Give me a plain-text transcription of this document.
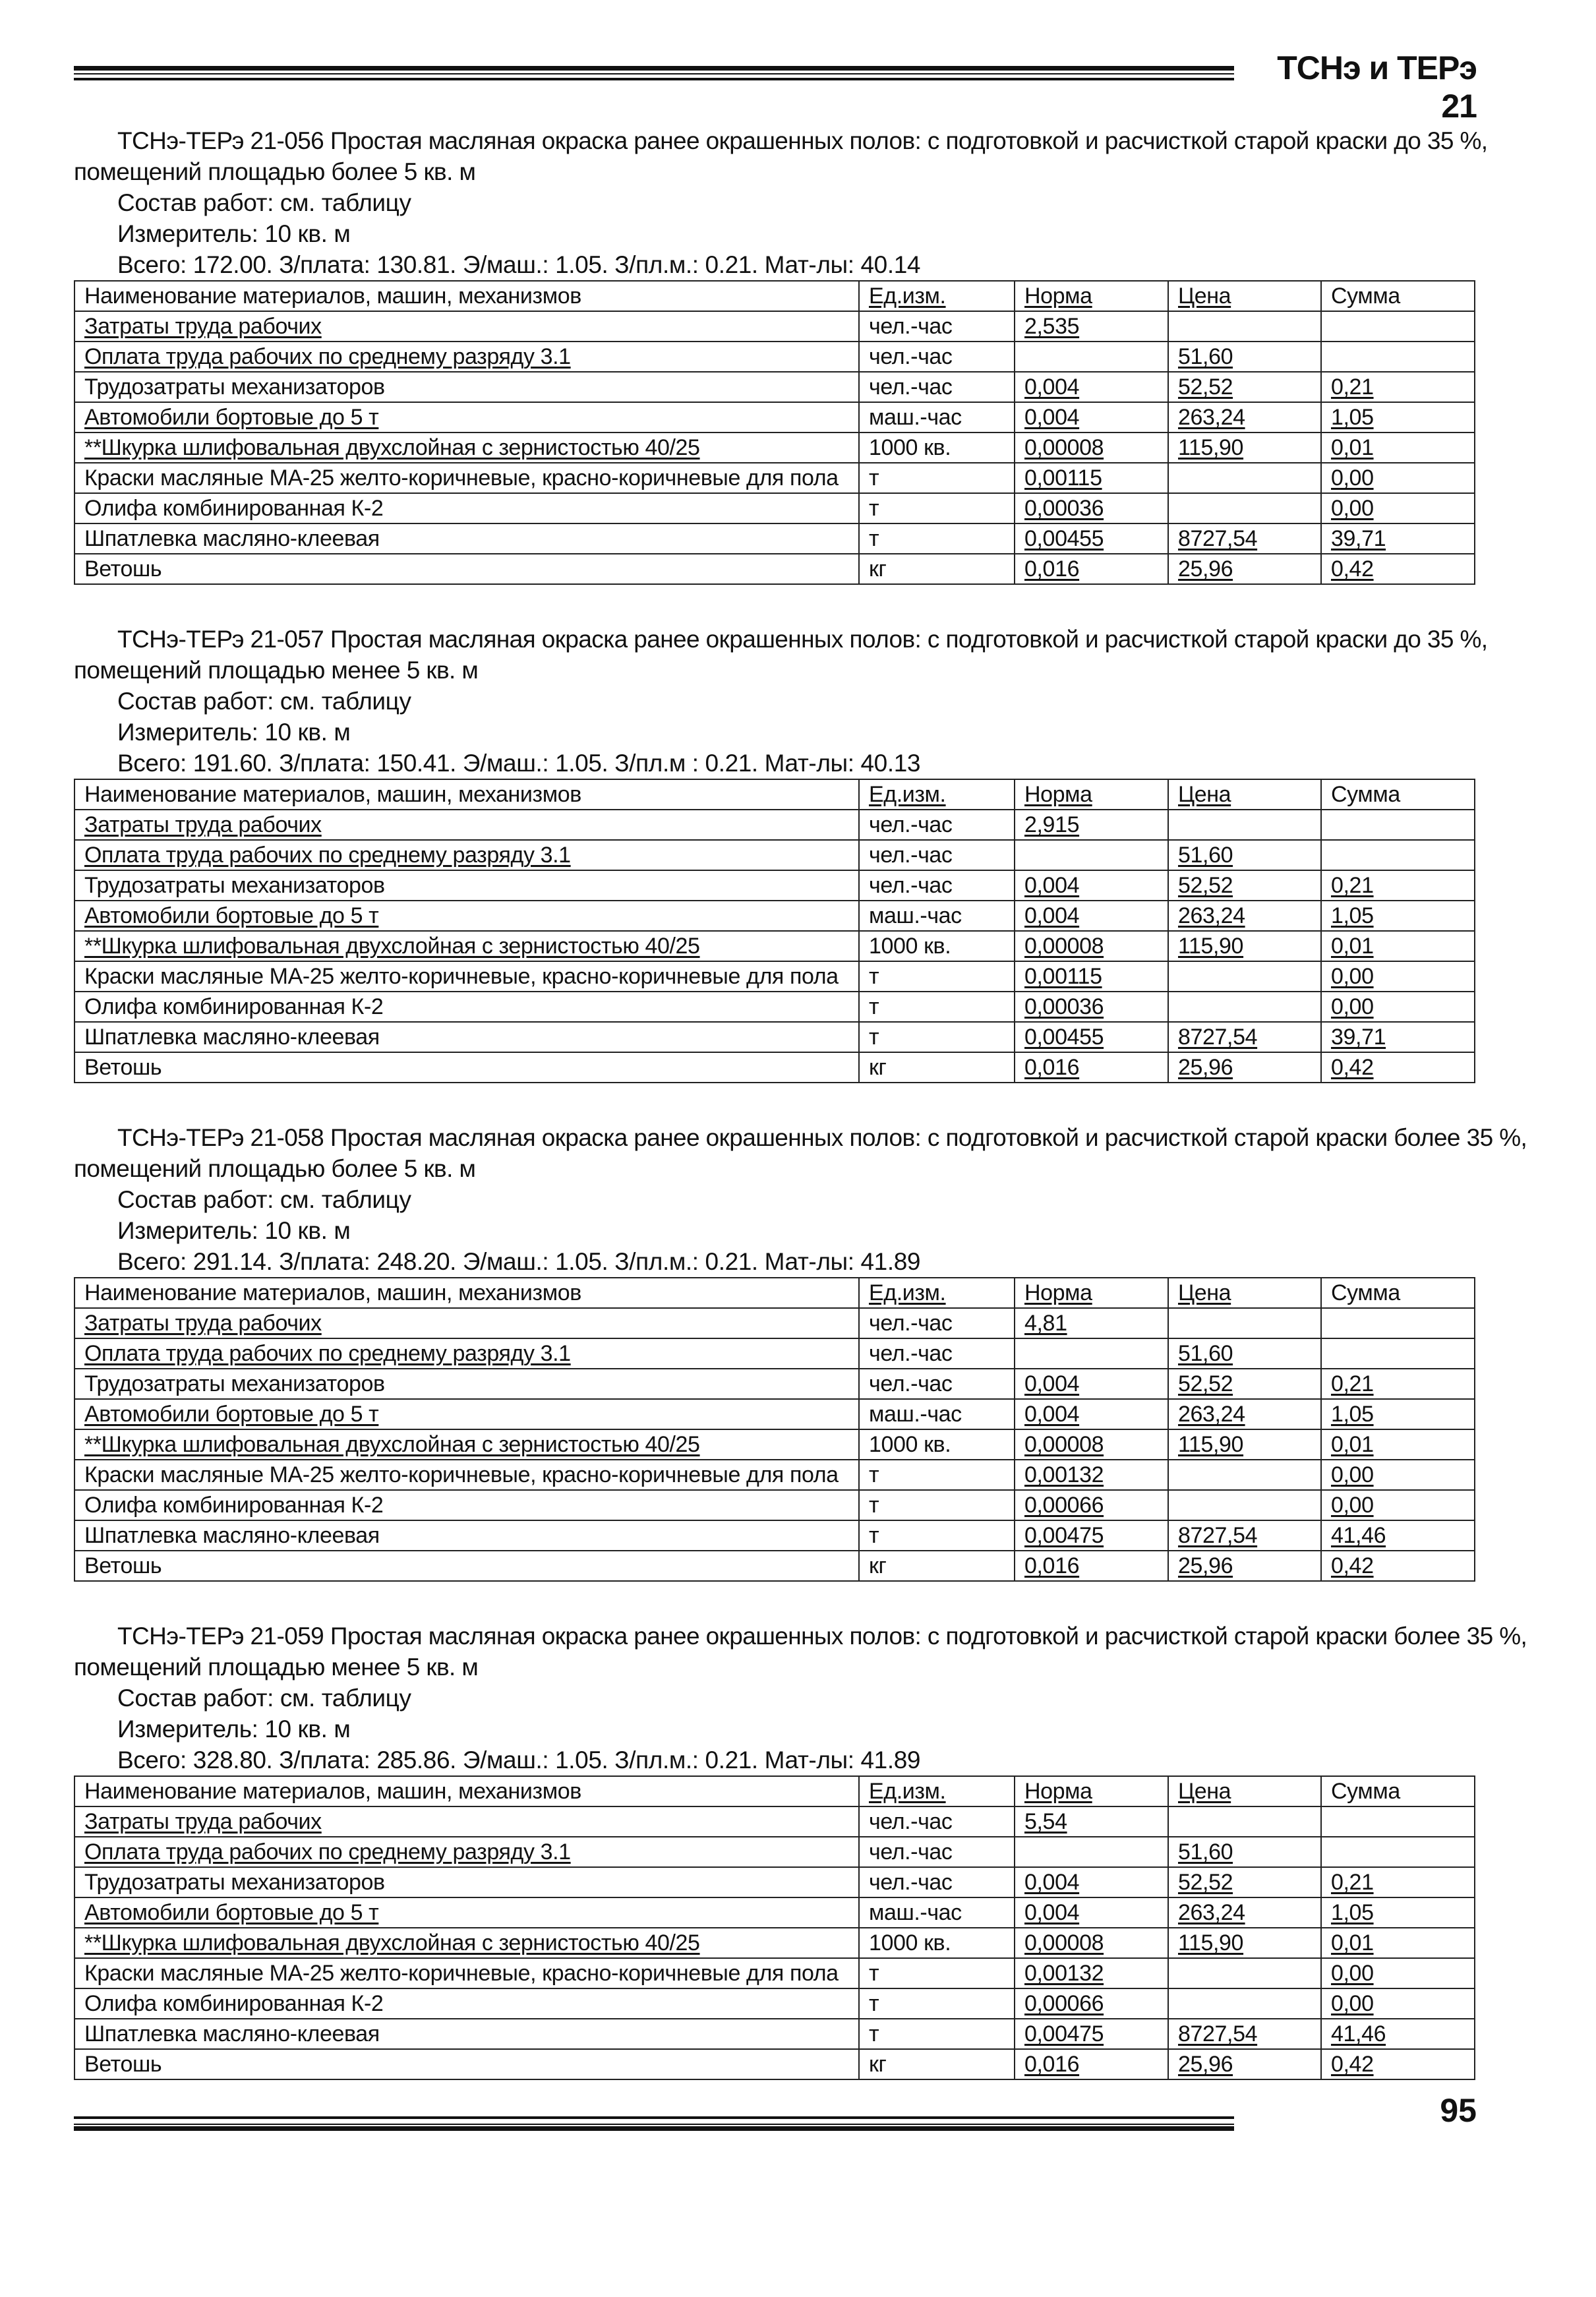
ТСНэ и ТЕРэ 21

ТСНэ-ТЕРэ 21-056 Простая масляная окраска ранее окрашенных полов: с подготовкой и расчисткой старой краски до 35 %,
помещений площадью более 5 кв. м

Состав работ: см. таблицу
Измеритель: 10 кв. м
Всего: 172.00. З/плата: 130.81. Э/маш.: 1.05. З/пл.м.: 0.21. Мат-лы: 40.14
Наименование материалов, машин, механизмов	Ед.изм.	Норма	Цена	Сумма
Затраты труда рабочих	чел.-час	2,535		
Оплата труда рабочих по среднему разряду 3.1	чел.-час		51,60	
Трудозатраты механизаторов	чел.-час	0,004	52,52	0,21
Автомобили бортовые до 5 т	маш.-час	0,004	263,24	1,05
**Шкурка шлифовальная двухслойная с зернистостью 40/25	1000 кв.	0,00008	115,90	0,01
Краски масляные МА-25 желто-коричневые, красно-коричневые для пола	т	0,00115		0,00
Олифа комбинированная К-2	т	0,00036		0,00
Шпатлевка масляно-клеевая	т	0,00455	8727,54	39,71
Ветошь	кг	0,016	25,96	0,42

ТСНэ-ТЕРэ 21-057 Простая масляная окраска ранее окрашенных полов: с подготовкой и расчисткой старой краски до 35 %,
помещений площадью менее 5 кв. м

Состав работ: см. таблицу
Измеритель: 10 кв. м
Всего: 191.60. З/плата: 150.41. Э/маш.: 1.05. З/пл.м : 0.21. Мат-лы: 40.13
Наименование материалов, машин, механизмов	Ед.изм.	Норма	Цена	Сумма
Затраты труда рабочих	чел.-час	2,915		
Оплата труда рабочих по среднему разряду 3.1	чел.-час		51,60	
Трудозатраты механизаторов	чел.-час	0,004	52,52	0,21
Автомобили бортовые до 5 т	маш.-час	0,004	263,24	1,05
**Шкурка шлифовальная двухслойная с зернистостью 40/25	1000 кв.	0,00008	115,90	0,01
Краски масляные МА-25 желто-коричневые, красно-коричневые для пола	т	0,00115		0,00
Олифа комбинированная К-2	т	0,00036		0,00
Шпатлевка масляно-клеевая	т	0,00455	8727,54	39,71
Ветошь	кг	0,016	25,96	0,42

ТСНэ-ТЕРэ 21-058 Простая масляная окраска ранее окрашенных полов: с подготовкой и расчисткой старой краски более 35 %,
помещений площадью более 5 кв. м

Состав работ: см. таблицу
Измеритель: 10 кв. м
Всего: 291.14. З/плата: 248.20. Э/маш.: 1.05. З/пл.м.: 0.21. Мат-лы: 41.89
Наименование материалов, машин, механизмов	Ед.изм.	Норма	Цена	Сумма
Затраты труда рабочих	чел.-час	4,81		
Оплата труда рабочих по среднему разряду 3.1	чел.-час		51,60	
Трудозатраты механизаторов	чел.-час	0,004	52,52	0,21
Автомобили бортовые до 5 т	маш.-час	0,004	263,24	1,05
**Шкурка шлифовальная двухслойная с зернистостью 40/25	1000 кв.	0,00008	115,90	0,01
Краски масляные МА-25 желто-коричневые, красно-коричневые для пола	т	0,00132		0,00
Олифа комбинированная К-2	т	0,00066		0,00
Шпатлевка масляно-клеевая	т	0,00475	8727,54	41,46
Ветошь	кг	0,016	25,96	0,42

ТСНэ-ТЕРэ 21-059 Простая масляная окраска ранее окрашенных полов: с подготовкой и расчисткой старой краски более 35 %,
помещений площадью менее 5 кв. м

Состав работ: см. таблицу
Измеритель: 10 кв. м
Всего: 328.80. З/плата: 285.86. Э/маш.: 1.05. З/пл.м.: 0.21. Мат-лы: 41.89
Наименование материалов, машин, механизмов	Ед.изм.	Норма	Цена	Сумма
Затраты труда рабочих	чел.-час	5,54		
Оплата труда рабочих по среднему разряду 3.1	чел.-час		51,60	
Трудозатраты механизаторов	чел.-час	0,004	52,52	0,21
Автомобили бортовые до 5 т	маш.-час	0,004	263,24	1,05
**Шкурка шлифовальная двухслойная с зернистостью 40/25	1000 кв.	0,00008	115,90	0,01
Краски масляные МА-25 желто-коричневые, красно-коричневые для пола	т	0,00132		0,00
Олифа комбинированная К-2	т	0,00066		0,00
Шпатлевка масляно-клеевая	т	0,00475	8727,54	41,46
Ветошь	кг	0,016	25,96	0,42
95
